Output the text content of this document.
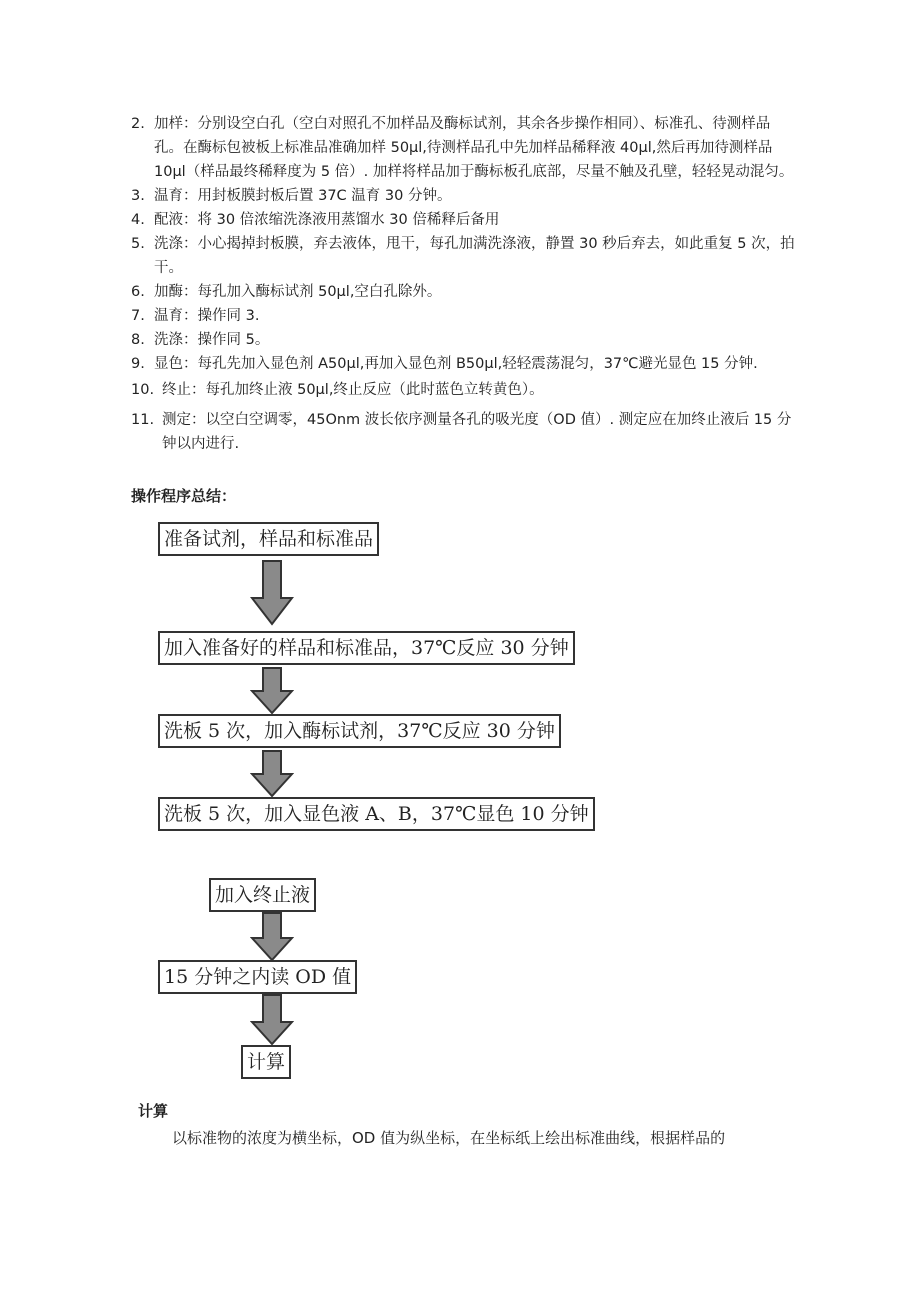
2. 加样：分别设空白孔（空白对照孔不加样品及酶标试剂，其余各步操作相同）、标准孔、待测样品孔。在酶标包被板上标准品准确加样 50μl,待测样品孔中先加样品稀释液 40μl,然后再加待测样品 10μl（样品最终稀释度为 5 倍）. 加样将样品加于酶标板孔底部，尽量不触及孔壁，轻轻晃动混匀。
3. 温育：用封板膜封板后置 37C 温育 30 分钟。
4. 配液：将 30 倍浓缩洗涤液用蒸馏水 30 倍稀释后备用
5. 洗涤：小心揭掉封板膜，弃去液体，甩干，每孔加满洗涤液，静置 30 秒后弃去，如此重复 5 次，拍干。
6. 加酶：每孔加入酶标试剂 50μl,空白孔除外。
7. 温育：操作同 3.
8. 洗涤：操作同 5。
9. 显色：每孔先加入显色剂 A50μl,再加入显色剂 B50μl,轻轻震荡混匀，37℃避光显色 15 分钟.
10. 终止：每孔加终止液 50μl,终止反应（此时蓝色立转黄色）。
11. 测定：以空白空调零，45Onm 波长依序测量各孔的吸光度（OD 值）. 测定应在加终止液后 15 分钟以内进行.
操作程序总结：
准备试剂，样品和标准品
加入准备好的样品和标准品，37℃反应 30 分钟
洗板 5 次，加入酶标试剂，37℃反应 30 分钟
洗板 5 次，加入显色液 A、B，37℃显色 10 分钟
加入终止液
15 分钟之内读 OD 值
计算
计算
以标准物的浓度为横坐标，OD 值为纵坐标，在坐标纸上绘出标准曲线，根据样品的
